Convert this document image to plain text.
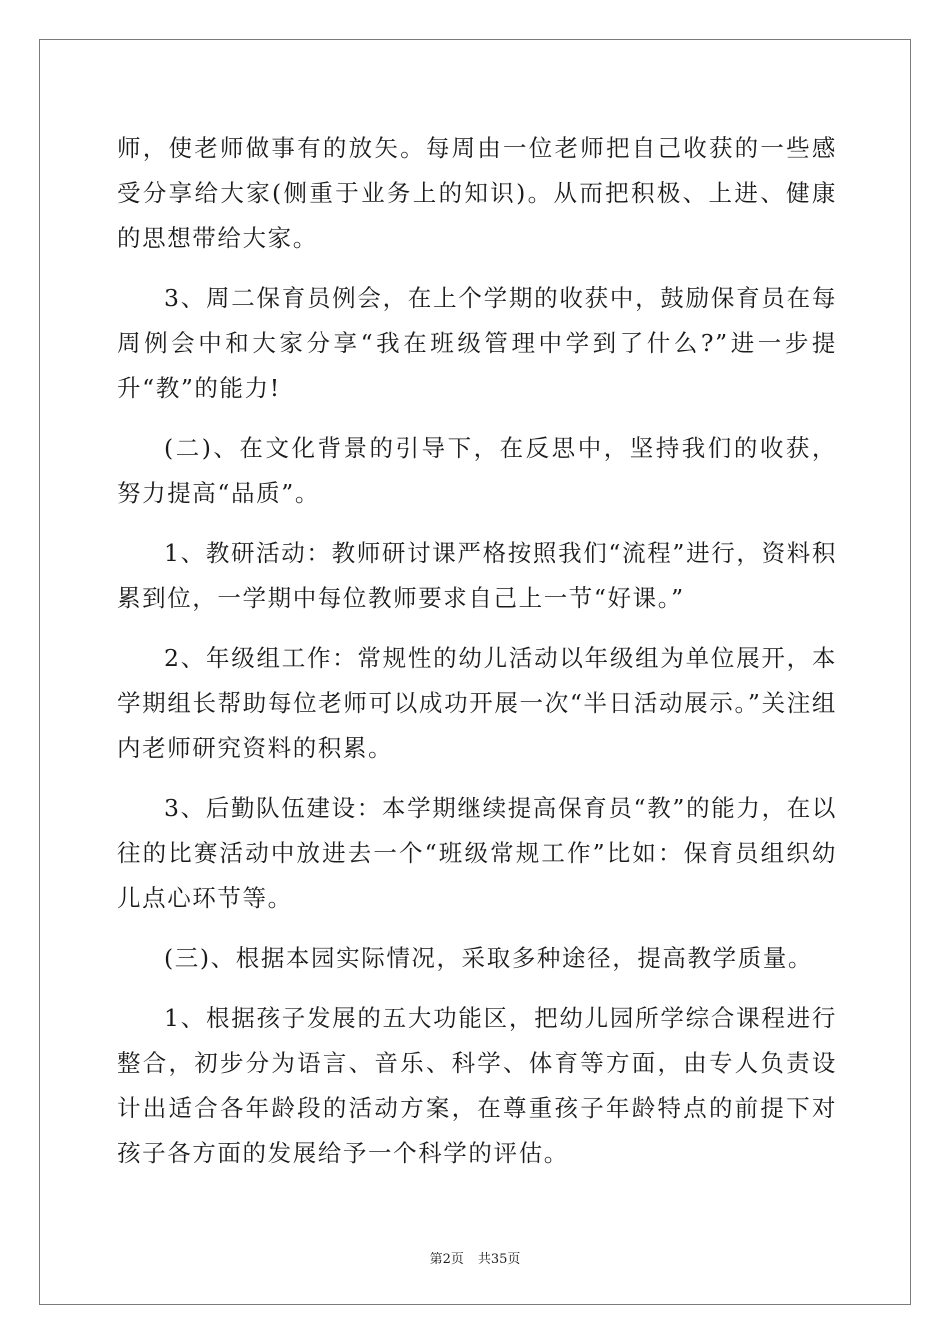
师，使老师做事有的放矢。每周由一位老师把自己收获的一些感受分享给大家(侧重于业务上的知识)。从而把积极、上进、健康的思想带给大家。

3、周二保育员例会，在上个学期的收获中，鼓励保育员在每周例会中和大家分享“我在班级管理中学到了什么?”进一步提升“教”的能力!

(二)、在文化背景的引导下，在反思中，坚持我们的收获，努力提高“品质”。

1、教研活动：教师研讨课严格按照我们“流程”进行，资料积累到位，一学期中每位教师要求自己上一节“好课。”

2、年级组工作：常规性的幼儿活动以年级组为单位展开，本学期组长帮助每位老师可以成功开展一次“半日活动展示。”关注组内老师研究资料的积累。

3、后勤队伍建设：本学期继续提高保育员“教”的能力，在以往的比赛活动中放进去一个“班级常规工作”比如：保育员组织幼儿点心环节等。

(三)、根据本园实际情况，采取多种途径，提高教学质量。

1、根据孩子发展的五大功能区，把幼儿园所学综合课程进行整合，初步分为语言、音乐、科学、体育等方面，由专人负责设计出适合各年龄段的活动方案，在尊重孩子年龄特点的前提下对孩子各方面的发展给予一个科学的评估。

第2页 共35页
